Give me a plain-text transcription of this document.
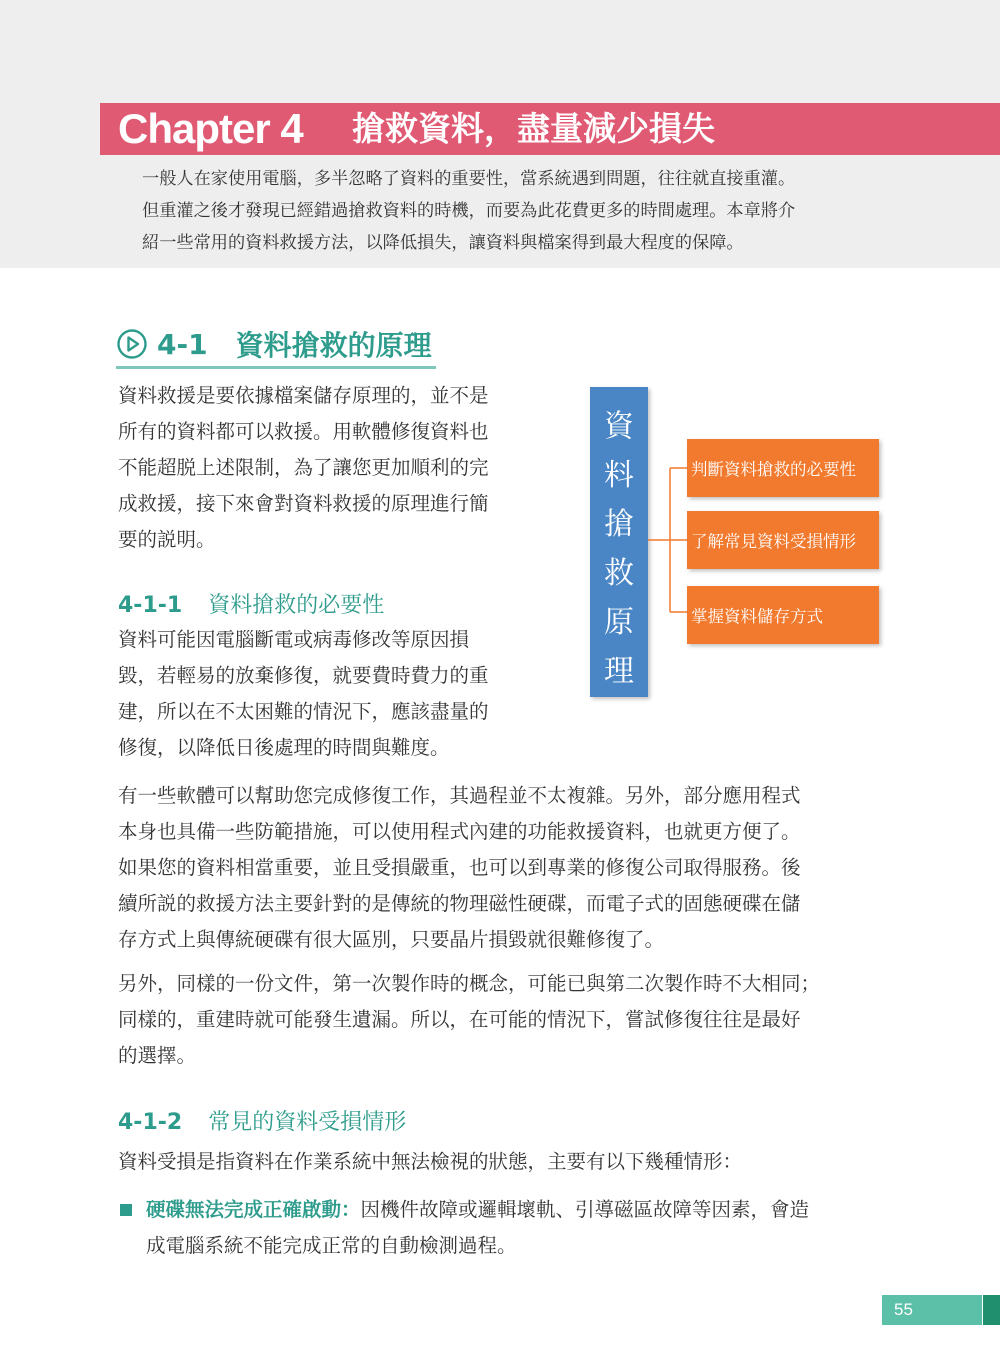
Chapter 4 搶救資料，盡量減少損失

一般人在家使用電腦，多半忽略了資料的重要性，當系統遇到問題，往往就直接重灌。

但重灌之後才發現已經錯過搶救資料的時機，而要為此花費更多的時間處理。本章將介

紹一些常用的資料救援方法，以降低損失，讓資料與檔案得到最大程度的保障。

4-1 資料搶救的原理
資料救援是要依據檔案儲存原理的，並不是
所有的資料都可以救援。用軟體修復資料也
不能超脱上述限制，為了讓您更加順利的完
成救援，接下來會對資料救援的原理進行簡
要的説明。
資
料
搶
救
原
理
判斷資料搶救的必要性
了解常見資料受損情形
掌握資料儲存方式
4-1-1 資料搶救的必要性
資料可能因電腦斷電或病毒修改等原因損
毀，若輕易的放棄修復，就要費時費力的重
建，所以在不太困難的情況下，應該盡量的
修復，以降低日後處理的時間與難度。
有一些軟體可以幫助您完成修復工作，其過程並不太複雜。另外，部分應用程式
本身也具備一些防範措施，可以使用程式內建的功能救援資料，也就更方便了。
如果您的資料相當重要，並且受損嚴重，也可以到專業的修復公司取得服務。後
續所説的救援方法主要針對的是傳統的物理磁性硬碟，而電子式的固態硬碟在儲
存方式上與傳統硬碟有很大區別，只要晶片損毀就很難修復了。
另外，同樣的一份文件，第一次製作時的概念，可能已與第二次製作時不大相同；
同樣的，重建時就可能發生遺漏。所以，在可能的情況下，嘗試修復往往是最好
的選擇。
4-1-2 常見的資料受損情形
資料受損是指資料在作業系統中無法檢視的狀態，主要有以下幾種情形：
硬碟無法完成正確啟動：因機件故障或邏輯壞軌、引導磁區故障等因素，會造
成電腦系統不能完成正常的自動檢測過程。
55
